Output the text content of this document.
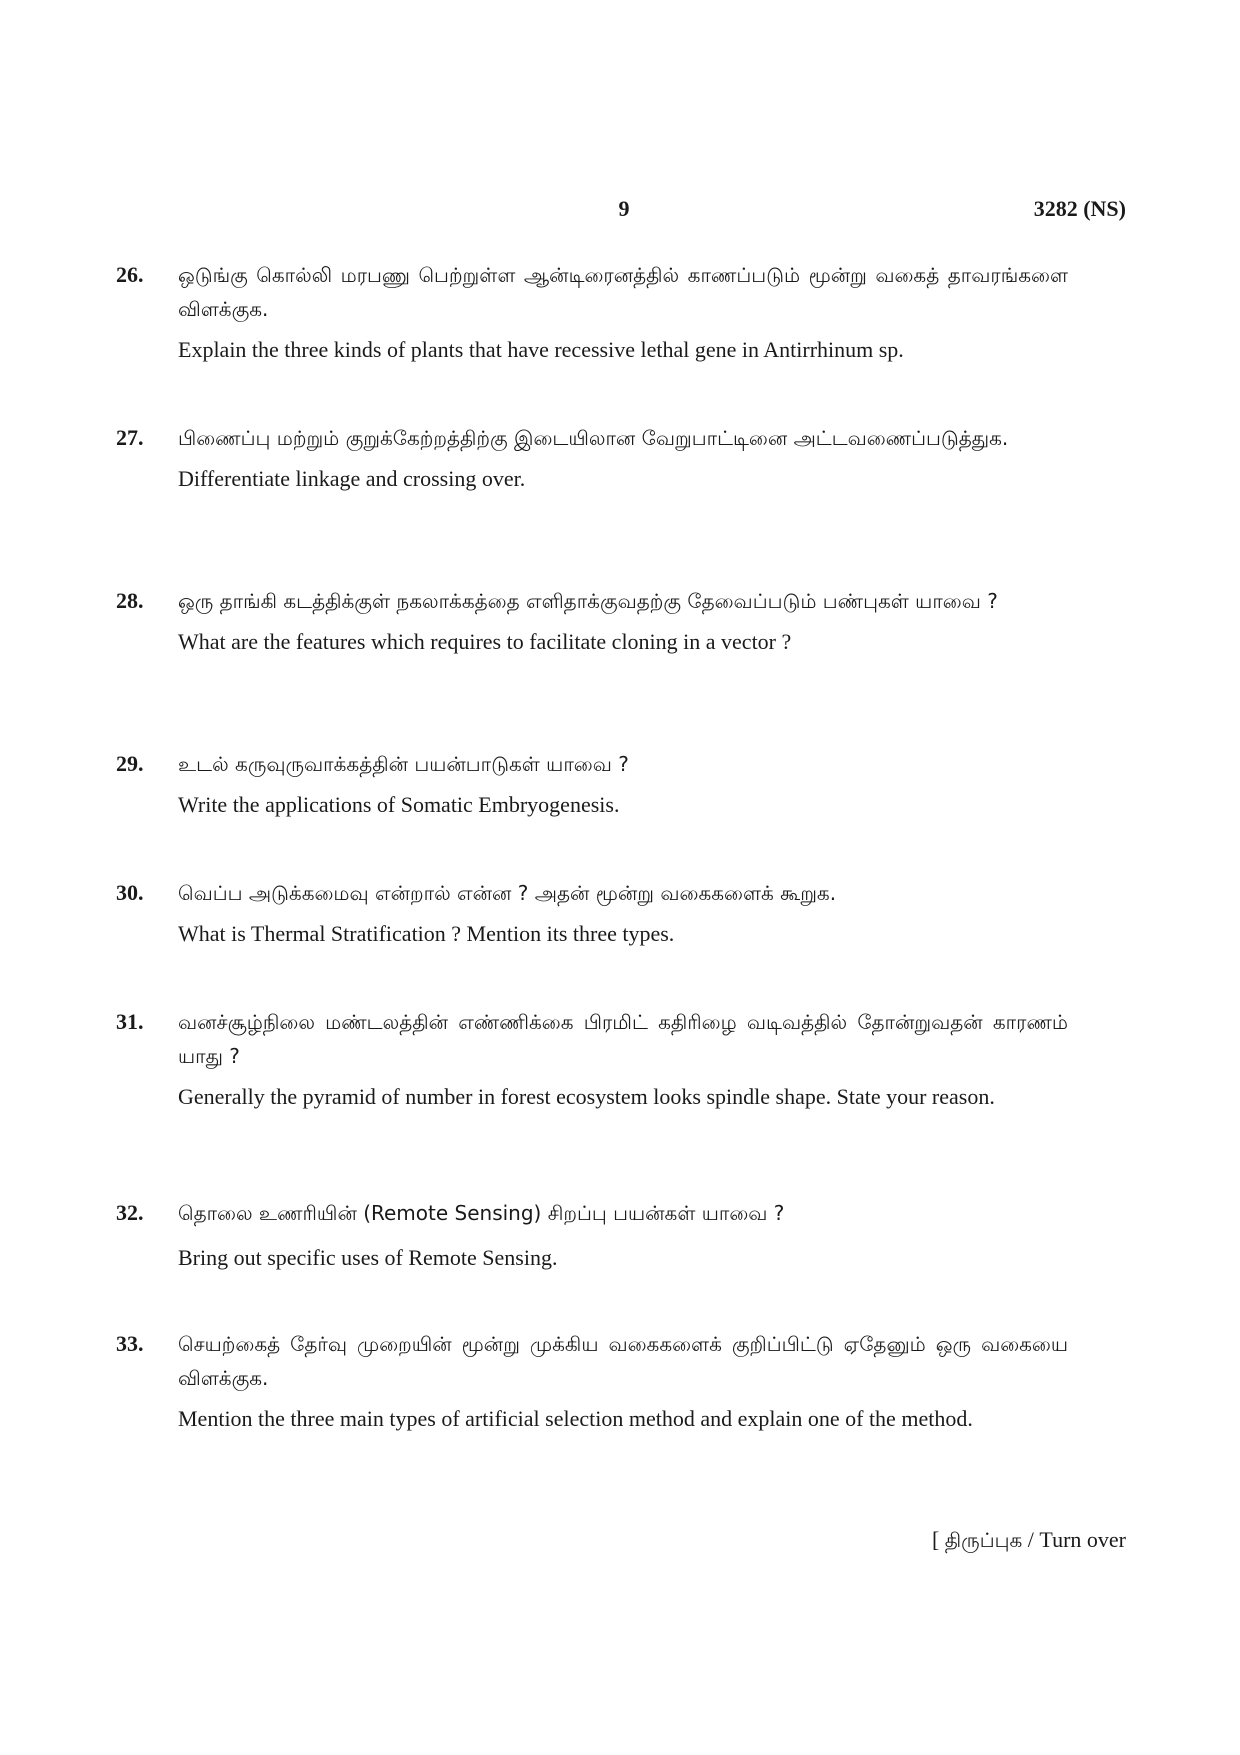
9	3282 (NS)
26.	ஒடுங்கு கொல்லி மரபணு பெற்றுள்ள ஆன்டிரைனத்தில் காணப்படும் மூன்று வகைத் தாவரங்களை விளக்குக.
Explain the three kinds of plants that have recessive lethal gene in Antirrhinum sp.
27.	பிணைப்பு மற்றும் குறுக்கேற்றத்திற்கு இடையிலான வேறுபாட்டினை அட்டவணைப்படுத்துக.
Differentiate linkage and crossing over.
28.	ஒரு தாங்கி கடத்திக்குள் நகலாக்கத்தை எளிதாக்குவதற்கு தேவைப்படும் பண்புகள் யாவை ?
What are the features which requires to facilitate cloning in a vector ?
29.	உடல் கருவுருவாக்கத்தின் பயன்பாடுகள் யாவை ?
Write the applications of Somatic Embryogenesis.
30.	வெப்ப அடுக்கமைவு என்றால் என்ன ? அதன் மூன்று வகைகளைக் கூறுக.
What is Thermal Stratification ? Mention its three types.
31.	வனச்சூழ்நிலை மண்டலத்தின் எண்ணிக்கை பிரமிட் கதிரிழை வடிவத்தில் தோன்றுவதன் காரணம் யாது ?
Generally the pyramid of number in forest ecosystem looks spindle shape. State your reason.
32.	தொலை உணரியின் (Remote Sensing) சிறப்பு பயன்கள் யாவை ?
Bring out specific uses of Remote Sensing.
33.	செயற்கைத் தேர்வு முறையின் மூன்று முக்கிய வகைகளைக் குறிப்பிட்டு ஏதேனும் ஒரு வகையை விளக்குக.
Mention the three main types of artificial selection method and explain one of the method.
[ திருப்புக / Turn over
